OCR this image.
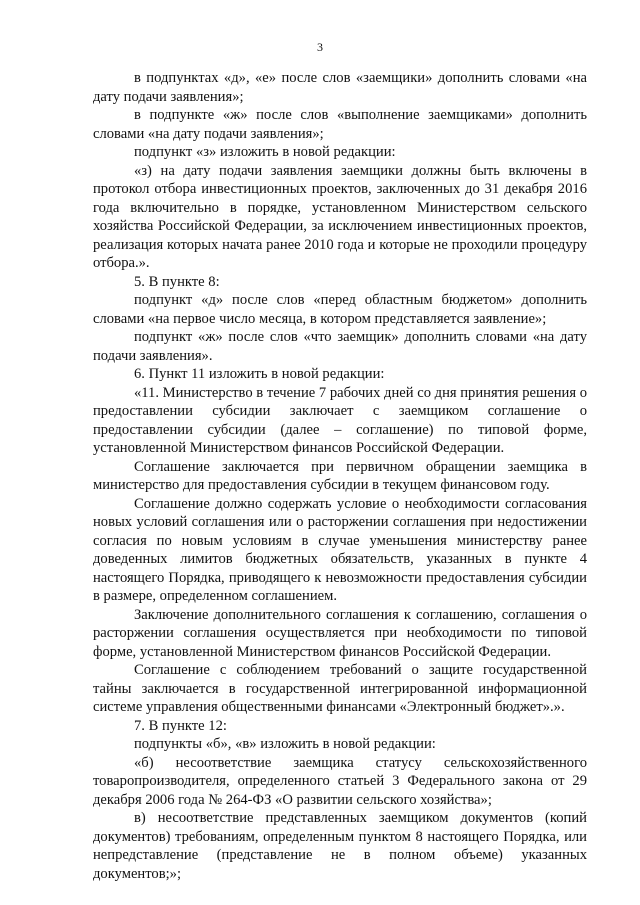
3

в подпунктах «д», «е» после слов «заемщики» дополнить словами «на дату подачи заявления»;

в подпункте «ж» после слов «выполнение заемщиками» дополнить словами «на дату подачи заявления»;

подпункт «з» изложить в новой редакции:

«з) на дату подачи заявления заемщики должны быть включены в протокол отбора инвестиционных проектов, заключенных до 31 декабря 2016 года включительно в порядке, установленном Министерством сельского хозяйства Российской Федерации, за исключением инвестиционных проектов, реализация которых начата ранее 2010 года и которые не проходили процедуру отбора.».

5. В пункте 8:

подпункт «д» после слов «перед областным бюджетом» дополнить словами «на первое число месяца, в котором представляется заявление»;

подпункт «ж» после слов «что заемщик» дополнить словами «на дату подачи заявления».

6. Пункт 11 изложить в новой редакции:

«11. Министерство в течение 7 рабочих дней со дня принятия решения о предоставлении субсидии заключает с заемщиком соглашение о предоставлении субсидии (далее – соглашение) по типовой форме, установленной Министерством финансов Российской Федерации.

Соглашение заключается при первичном обращении заемщика в министерство для предоставления субсидии в текущем финансовом году.

Соглашение должно содержать условие о необходимости согласования новых условий соглашения или о расторжении соглашения при недостижении согласия по новым условиям в случае уменьшения министерству ранее доведенных лимитов бюджетных обязательств, указанных в пункте 4 настоящего Порядка, приводящего к невозможности предоставления субсидии в размере, определенном соглашением.

Заключение дополнительного соглашения к соглашению, соглашения о расторжении соглашения осуществляется при необходимости по типовой форме, установленной Министерством финансов Российской Федерации.

Соглашение с соблюдением требований о защите государственной тайны заключается в государственной интегрированной информационной системе управления общественными финансами «Электронный бюджет».».

7. В пункте 12:

подпункты «б», «в» изложить в новой редакции:

«б) несоответствие заемщика статусу сельскохозяйственного товаропроизводителя, определенного статьей 3 Федерального закона от 29 декабря 2006 года № 264-ФЗ «О развитии сельского хозяйства»;

в) несоответствие представленных заемщиком документов (копий документов) требованиям, определенным пунктом 8 настоящего Порядка, или непредставление (представление не в полном объеме) указанных документов;»;
